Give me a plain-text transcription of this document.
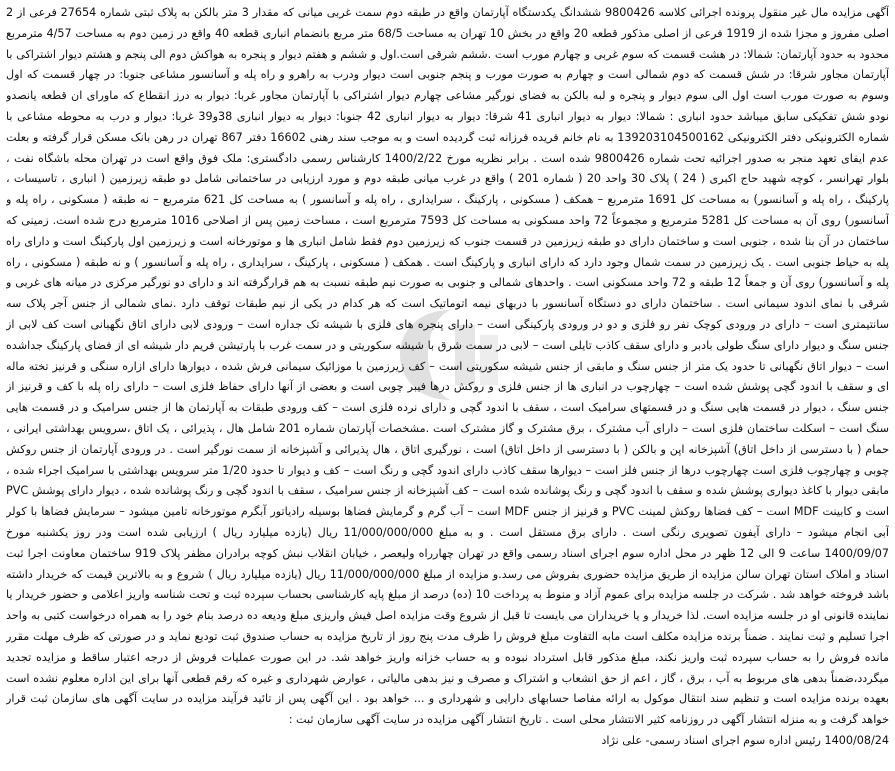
آگهی مزایده مال غیر منقول پرونده اجرائی کلاسه 9800426 ششدانگ یکدستگاه آپارتمان واقع در طبقه دوم سمت غربی میانی که مقدار 3 متر بالکن به پلاک ثبتی شماره 27654 فرعی از 2 اصلی مفروز و مجزا شده از 1919 فرعی از اصلی مذکور قطعه 20 واقع در بخش 10 تهران به مساحت 68/5 متر مربع بانضمام انباری قطعه 40 واقع در زمین دوم به مساحت 4/57 مترمربع محدود به حدود آپارتمان: شمالا: در هشت قسمت که سوم غربی و چهارم مورب است .ششم شرقی است.اول و ششم و هفتم دیوار و پنجره به هواکش دوم الی پنجم و هشتم دیوار اشتراکی با آپارتمان مجاور شرقا: در شش قسمت که دوم شمالی است و چهارم به صورت مورب و پنجم جنوبی است دیوار ودرب به راهرو و راه پله و آسانسور مشاعی جنوبا: در چهار قسمت که اول وسوم به صورت مورب است اول الی سوم دیوار و پنجره و لبه بالکن به فضای نورگیر مشاعی چهارم دیوار اشتراکی با آپارتمان مجاور غربا: دیوار به درز انقطاع که ماورای ان قطعه یانصدو نودو شش تفکیکی سابق میباشد حدود انباری : شمالا: دیوار به دیوار انباری 41 شرقا: دیوار به دیوار انباری 42 جنوبا: دیوار به دیوار انباری 38و39 غربا: دیوار و درب به محوطه مشاعی با شماره الکترونیکی دفتر الکترونیکی 139203104500162 به نام خانم فریده فرزانه ثبت گردیده است و به موجب سند رهنی 16602 دفتر 867 تهران در رهن بانک مسکن قرار گرفته و بعلت عدم ایفای تعهد منجر به صدور اجرائیه تحت شماره 9800426 شده است . برابر نظریه مورخ 1400/2/22 کارشناس رسمی دادگستری: ملک فوق واقع است در تهران محله باشگاه نفت ، بلوار تهرانسر ، کوچه شهید حاج اکبری ( 24 ) پلاک 30 واحد 20 ( شماره 201 ) واقع در غرب میانی طبقه دوم و مورد ارزیابی در ساختمانی شامل دو طبقه زیرزمین ( انباری ، تاسیسات ، پارکینگ ، راه پله و آسانسور) به مساحت کل 1691 مترمربع – همکف ( مسکونی ، پارکینگ ، سرایداری ، راه پله و آسانسور ) به مساحت کل 621 مترمربع – نه طبقه ( مسکونی ، راه پله و آسانسور) روی آن به مساحت کل 5281 مترمربع و مجموعاً 72 واحد مسکونی به مساحت کل 7593 مترمربع است ، مساحت زمین پس از اصلاحی 1016 مترمربع درج شده است. زمینی که ساختمان در آن بنا شده ، جنوبی است و ساختمان دارای دو طبقه زیرزمین در قسمت جنوب که زیرزمین دوم فقط شامل انباری ها و موتورخانه است و زیرزمین اول پارکینگ است و دارای راه پله به حیاط جنوبی است . یک زیرزمین در سمت شمال وجود دارد که دارای انباری و پارکینگ است . همکف ( مسکونی ، پارکینگ ، سرایداری ، راه پله و آسانسور ) و نه طبقه ( مسکونی ، راه پله و آسانسور) روی آن و جمعاً 12 طبقه و 72 واحد مسکونی است . واحدهای شمالی و جنوبی به صورت نیم طبقه نسبت به هم قرارگرفته اند و دارای دو نورگیر مرکزی در میانه های غربی و شرقی با نمای اندود سیمانی است . ساختمان دارای دو دستگاه آسانسور با دربهای نیمه اتوماتیک است که هر کدام در یکی از نیم طبقات توقف دارد .نمای شمالی از جنس آجر پلاک سه سانتیمتری است – دارای در ورودی کوچک نفر رو فلزی و دو در ورودی پارکینگی است – دارای پنجره های فلزی با شیشه تک جداره است – ورودی لابی دارای اتاق نگهبانی است کف لابی از جنس سنگ و دیوار دارای سنگ طولی بادبر و دارای سقف کاذب تایلی است – لابی در سمت شرق با شیشه سکوریتی و در سمت غرب با پارتیشن فریم دار شیشه ای از فضای پارکینگ جداشده است – دیوار اتاق نگهبانی تا حدود یک متر از جنس سنگ و مابقی از جنس شیشه سکوریتی است – کف زیرزمین با موزائیک سیمانی فرش شده ، دیوارها دارای ازاره سنگی و قرنیز تخته ماله ای و سقف با اندود گچی پوشش شده است – چهارچوب در انباری ها از جنس فلزی و روکش درها فیبر چوبی است و بعضی از آنها دارای حفاظ فلزی است – دارای راه پله با کف و قرنیز از جنس سنگ ، دیوار در قسمت هایی سنگ و در قسمتهای سرامیک است ، سقف با اندود گچی و دارای نرده فلزی است – کف ورودی طبقات به آپارتمان ها از جنس سرامیک و در قسمت هایی سنگ است – اسکلت ساختمان فلزی است – دارای آب مشترک ، برق مشترک و گاز مشترک است .مشخصات آپارتمان شماره 201 شامل هال ، پذیرائی ، یک اتاق ،سرویس بهداشتی ایرانی ، حمام ( با دسترسی از داخل اتاق) آشپزخانه اپن و بالکن ( با دسترسی از داخل اتاق) است ، نورگیری اتاق ، هال پذیرائی و آشپزخانه از سمت نورگیر است . در ورودی آپارتمان از جنس روکش چوبی و چهارچوب فلزی است چهارچوب درها از جنس فلز است – دیوارها سقف کاذب دارای اندود گچی و رنگ است – کف و دیوار تا حدود 1/20 متر سرویس بهداشتی با سرامیک اجراء شده ، مابقی دیوار با کاغذ دیواری پوشش شده و سقف با اندود گچی و رنگ پوشانده شده است – کف آشپزخانه از جنس سرامیک ، سقف با اندود گچی و رنگ پوشانده شده ، دیوار دارای پوشش PVC است و کابینت MDF است – کف فضاها روکش لمینت PVC و قرنیز از جنس MDF است – آب گرم و گرمایش فضاها بوسیله رادیاتور آبگرم موتورخانه تامین میشود – سرمایش فضاها با کولر آبی انجام میشود – دارای آیفون تصویری رنگی است . دارای برق مستقل است . و به مبلغ 11/000/000/000 ریال (یازده میلیارد ریال ) ارزیابی شده است ودر روز یکشنبه مورخ 1400/09/07 ساعت 9 الی 12 ظهر در محل اداره سوم اجرای اسناد رسمی واقع در تهران چهارراه ولیعصر ، خیابان انقلاب نبش کوچه برادران مظفر پلاک 919 ساختمان معاونت اجرا ثبت اسناد و املاک استان تهران سالن مزایده از طریق مزایده حضوری بفروش می رسد.و مزایده از مبلغ 11/000/000/000 ریال (یازده میلیارد ریال ) شروع و به بالاترین قیمت که خریدار داشته باشد فروخته خواهد شد . شرکت در جلسه مزایده برای عموم آزاد و منوط به پرداخت 10 (ده) درصد از مبلغ پایه کارشناسی بحساب سپرده ثبت و تحت شناسه واریز اعلامی و حضور خریدار یا نماینده قانونی او در جلسه مزایده است. لذا خریدار و یا خریداران می بایست تا قبل از شروع وقت مزایده اصل فیش واریزی مبلغ ودیعه ده درصد بنام خود را به همراه درخواست کتبی به واحد اجرا تسلیم و ثبت نمایند . ضمناً برنده مزایده مکلف است مابه التفاوت مبلغ فروش را ظرف مدت پنج روز از تاریخ مزایده به حساب صندوق ثبت تودیع نماید و در صورتی که ظرف مهلت مقرر مانده فروش را به حساب سپرده ثبت واریز نکند، مبلغ مذکور قابل استرداد نبوده و به حساب خزانه واریز خواهد شد. در این صورت عملیات فروش از درجه اعتبار ساقط و مزایده تجدید میگردد،ضمناً بدهی های مربوط به آب ، برق ، گاز ، اعم از حق انشعاب و اشتراک و مصرف و نیز بدهی مالیاتی ، عوارض شهرداری و غیره که رقم قطعی آنها برای این اداره معلوم نشده است بعهده برنده مزایده است و تنظیم سند انتقال موکول به ارائه مفاصا حسابهای دارایی و شهرداری و ... خواهد بود . این آگهی پس از تائید فرآیند مزایده در سایت آگهی های سازمان ثبت قرار خواهد گرفت و به منزله انتشار آگهی در روزنامه کثیر الانتشار محلی است . تاریخ انتشار آگهی مزایده در سایت آگهی سازمان ثبت :
1400/08/24 رئیس اداره سوم اجرای اسناد رسمی- علی نژاد
